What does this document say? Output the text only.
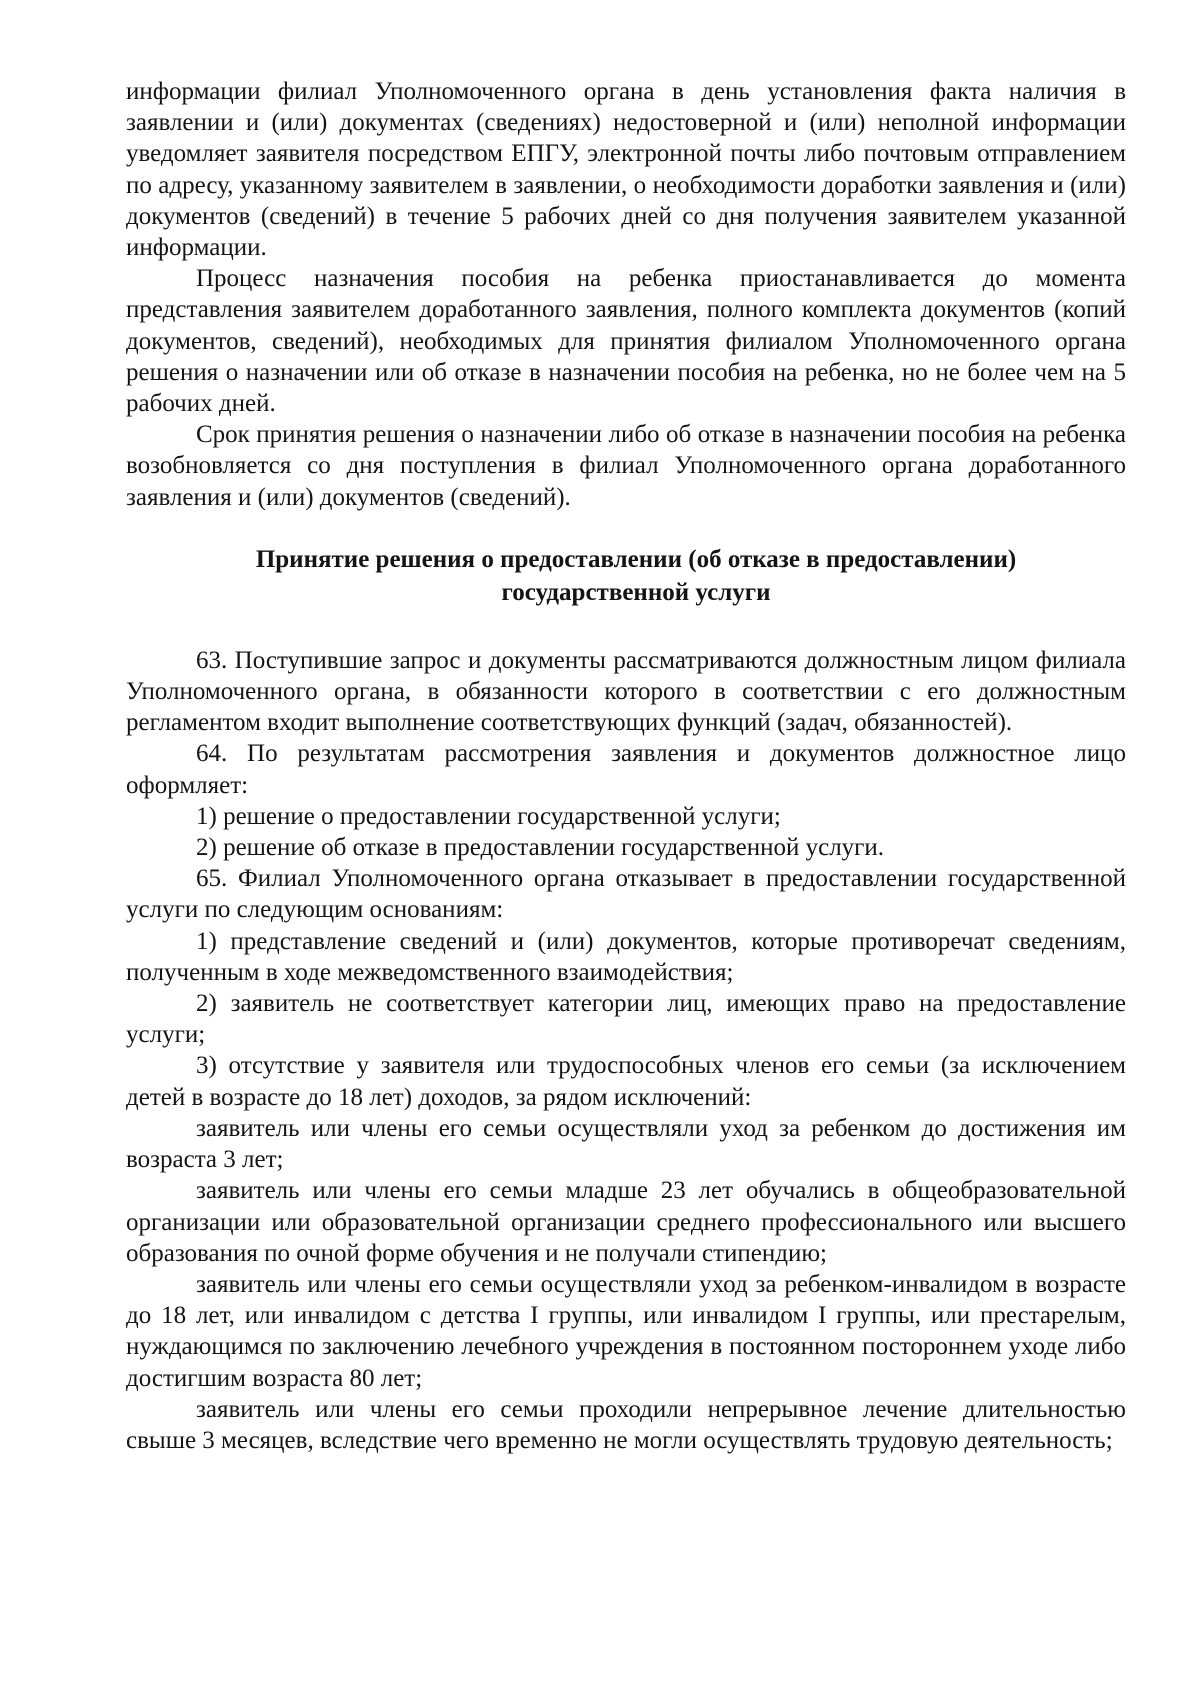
информации филиал Уполномоченного органа в день установления факта наличия в заявлении и (или) документах (сведениях) недостоверной и (или) неполной информации уведомляет заявителя посредством ЕПГУ, электронной почты либо почтовым отправлением по адресу, указанному заявителем в заявлении, о необходимости доработки заявления и (или) документов (сведений) в течение 5 рабочих дней со дня получения заявителем указанной информации.

Процесс назначения пособия на ребенка приостанавливается до момента представления заявителем доработанного заявления, полного комплекта документов (копий документов, сведений), необходимых для принятия филиалом Уполномоченного органа решения о назначении или об отказе в назначении пособия на ребенка, но не более чем на 5 рабочих дней.

Срок принятия решения о назначении либо об отказе в назначении пособия на ребенка возобновляется со дня поступления в филиал Уполномоченного органа доработанного заявления и (или) документов (сведений).

Принятие решения о предоставлении (об отказе в предоставлении)
государственной услуги

63. Поступившие запрос и документы рассматриваются должностным лицом филиала Уполномоченного органа, в обязанности которого в соответствии с его должностным регламентом входит выполнение соответствующих функций (задач, обязанностей).

64. По результатам рассмотрения заявления и документов должностное лицо оформляет:

1) решение о предоставлении государственной услуги;

2) решение об отказе в предоставлении государственной услуги.

65. Филиал Уполномоченного органа отказывает в предоставлении государственной услуги по следующим основаниям:

1) представление сведений и (или) документов, которые противоречат сведениям, полученным в ходе межведомственного взаимодействия;

2) заявитель не соответствует категории лиц, имеющих право на предоставление услуги;

3) отсутствие у заявителя или трудоспособных членов его семьи (за исключением детей в возрасте до 18 лет) доходов, за рядом исключений:

заявитель или члены его семьи осуществляли уход за ребенком до достижения им возраста 3 лет;

заявитель или члены его семьи младше 23 лет обучались в общеобразовательной организации или образовательной организации среднего профессионального или высшего образования по очной форме обучения и не получали стипендию;

заявитель или члены его семьи осуществляли уход за ребенком-инвалидом в возрасте до 18 лет, или инвалидом с детства I группы, или инвалидом I группы, или престарелым, нуждающимся по заключению лечебного учреждения в постоянном постороннем уходе либо достигшим возраста 80 лет;

заявитель или члены его семьи проходили непрерывное лечение длительностью свыше 3 месяцев, вследствие чего временно не могли осуществлять трудовую деятельность;
